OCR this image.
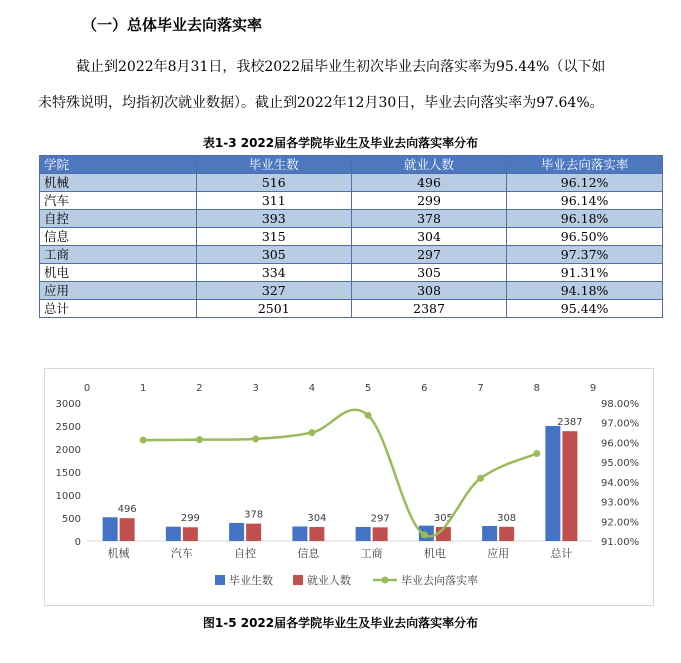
（一）总体毕业去向落实率
截止到2022年8月31日，我校2022届毕业生初次毕业去向落实率为95.44%（以下如
未特殊说明，均指初次就业数据）。截止到2022年12月30日，毕业去向落实率为97.64%。
表1-3 2022届各学院毕业生及毕业去向落实率分布
学院	毕业生数	就业人数	毕业去向落实率
机械	516	496	96.12%
汽车	311	299	96.14%
自控	393	378	96.18%
信息	315	304	96.50%
工商	305	297	97.37%
机电	334	305	91.31%
应用	327	308	94.18%
总计	2501	2387	95.44%
0	1	2	3	4	5	6	7	8	9
0
500
1000
1500
2000
2500
3000
91.00%
92.00%
93.00%
94.00%
95.00%
96.00%
97.00%
98.00%
496
机械
299
汽车
378
自控
304
信息
297
工商
305
机电
308
应用
2387
总计
毕业生数	就业人数	毕业去向落实率
图1-5 2022届各学院毕业生及毕业去向落实率分布
